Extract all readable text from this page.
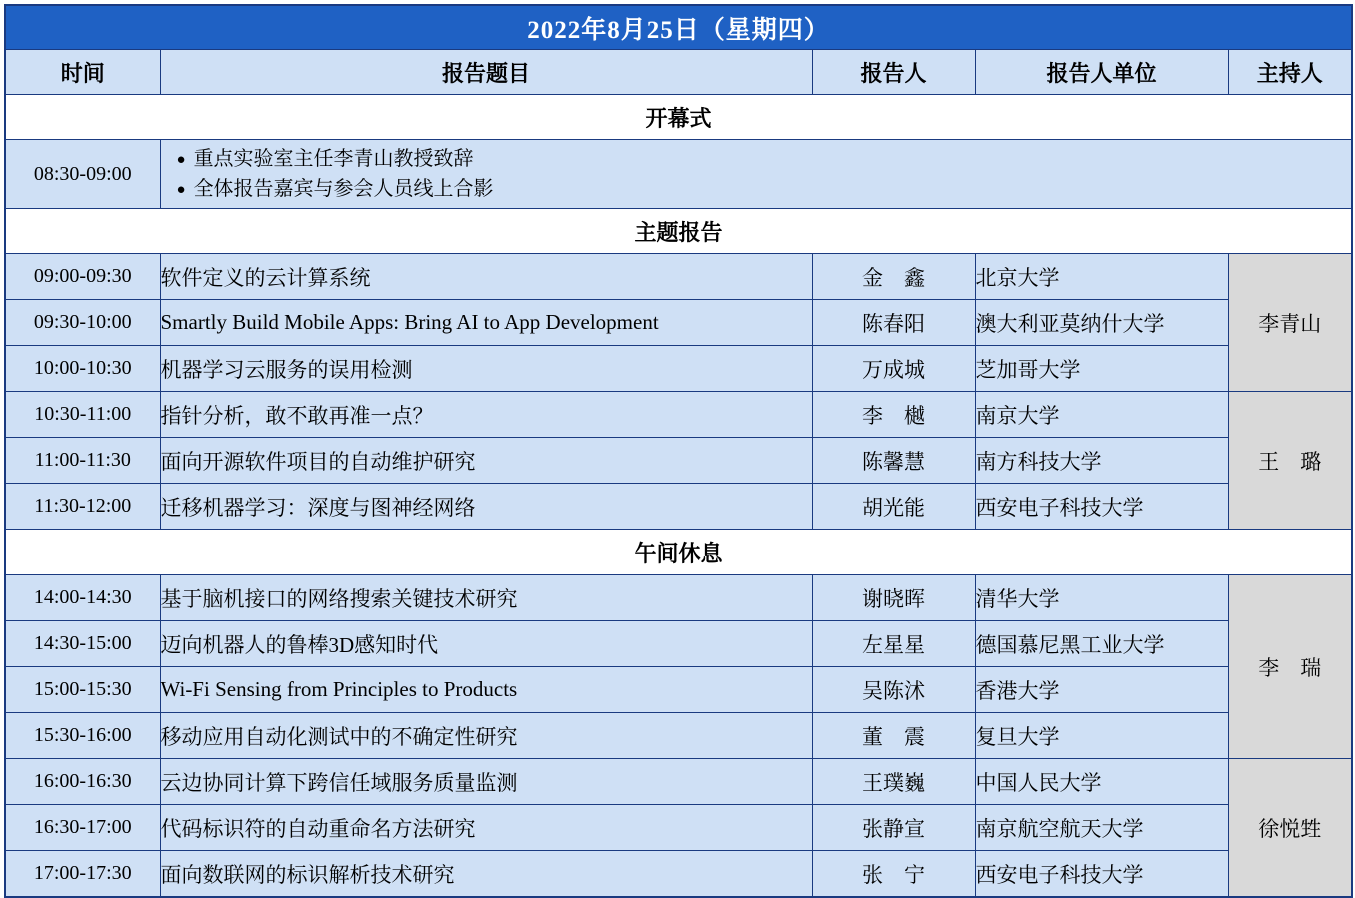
2022年8月25日（星期四）				
时间	报告题目	报告人	报告人单位	主持人
开幕式				
08:30-09:00	● 重点实验室主任李青山教授致辞
● 全体报告嘉宾与参会人员线上合影			

主题报告				
09:00-09:30	软件定义的云计算系统	金　鑫	北京大学	李青山
09:30-10:00	Smartly Build Mobile Apps: Bring AI to App Development	陈春阳	澳大利亚莫纳什大学	
10:00-10:30	机器学习云服务的误用检测	万成城	芝加哥大学	
10:30-11:00	指针分析，敢不敢再准一点？	李　樾	南京大学	王　璐
11:00-11:30	面向开源软件项目的自动维护研究	陈馨慧	南方科技大学	
11:30-12:00	迁移机器学习：深度与图神经网络	胡光能	西安电子科技大学	
午间休息				
14:00-14:30	基于脑机接口的网络搜索关键技术研究	谢晓晖	清华大学	李　瑞
14:30-15:00	迈向机器人的鲁棒3D感知时代	左星星	德国慕尼黑工业大学	
15:00-15:30	Wi-Fi Sensing from Principles to Products	吴陈沭	香港大学	
15:30-16:00	移动应用自动化测试中的不确定性研究	董　震	复旦大学	
16:00-16:30	云边协同计算下跨信任域服务质量监测	王璞巍	中国人民大学	徐悦甡
16:30-17:00	代码标识符的自动重命名方法研究	张静宣	南京航空航天大学	
17:00-17:30	面向数联网的标识解析技术研究	张　宁	西安电子科技大学	
